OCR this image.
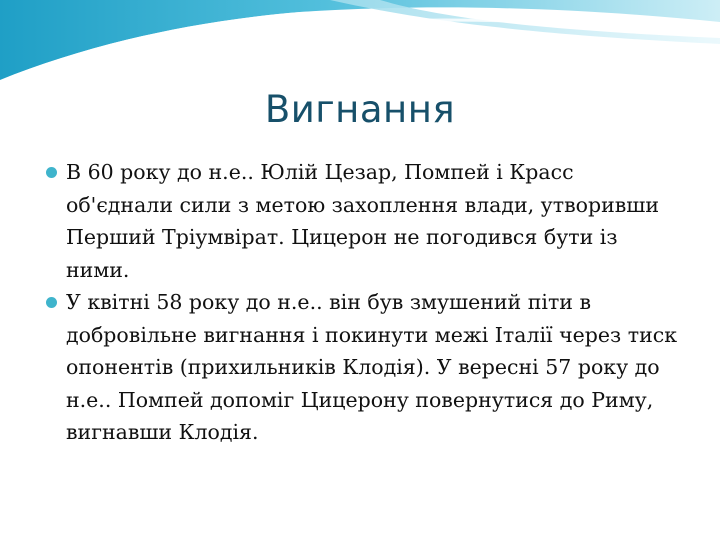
Вигнання
В 60 року до н.е.. Юлій Цезар, Помпей і Красс об'єднали сили з метою захоплення влади, утворивши Перший Тріумвірат. Цицерон не погодився бути із ними.
У квітні 58 року до н.е.. він був змушений піти в добровільне вигнання і покинути межі Італії через тиск опонентів (прихильників Клодія). У вересні 57 року до н.е.. Помпей допоміг Цицерону повернутися до Риму, вигнавши Клодія.
